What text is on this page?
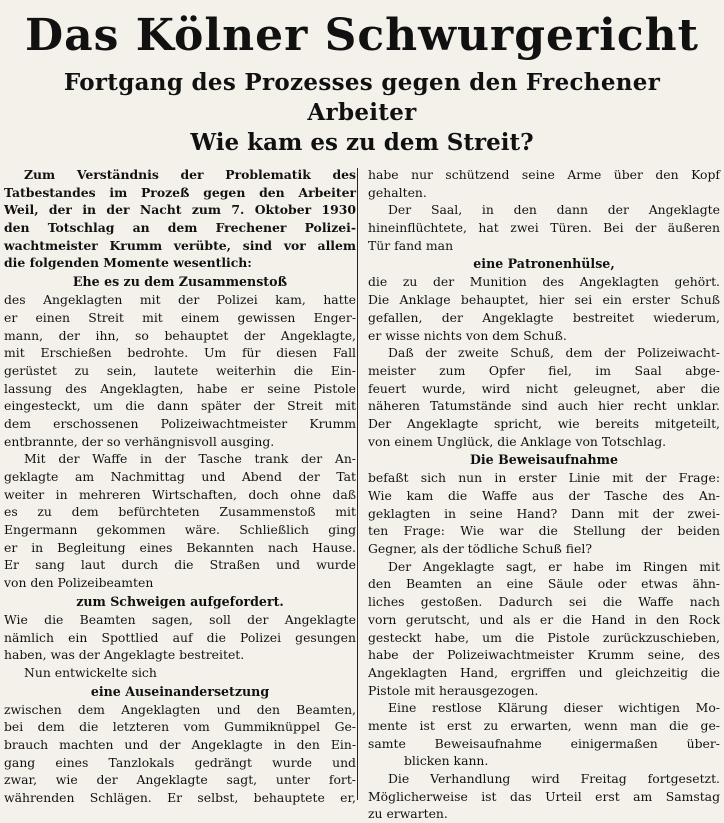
Das Kölner Schwurgericht
Fortgang des Prozesses gegen den Frechener Arbeiter
Wie kam es zu dem Streit?
Zum Verständnis der Problematik des
Tatbestandes im Prozeß gegen den Arbeiter
Weil, der in der Nacht zum 7. Oktober 1930
den Totschlag an dem Frechener Polizei-
wachtmeister Krumm verübte, sind vor allem
die folgenden Momente wesentlich:
Ehe es zu dem Zusammenstoß
des Angeklagten mit der Polizei kam, hatte
er einen Streit mit einem gewissen Enger-
mann, der ihn, so behauptet der Angeklagte,
mit Erschießen bedrohte. Um für diesen Fall
gerüstet zu sein, lautete weiterhin die Ein-
lassung des Angeklagten, habe er seine Pistole
eingesteckt, um die dann später der Streit mit
dem erschossenen Polizeiwachtmeister Krumm
entbrannte, der so verhängnisvoll ausging.
Mit der Waffe in der Tasche trank der An-
geklagte am Nachmittag und Abend der Tat
weiter in mehreren Wirtschaften, doch ohne daß
es zu dem befürchteten Zusammenstoß mit
Engermann gekommen wäre. Schließlich ging
er in Begleitung eines Bekannten nach Hause.
Er sang laut durch die Straßen und wurde
von den Polizeibeamten
zum Schweigen aufgefordert.
Wie die Beamten sagen, soll der Angeklagte
nämlich ein Spottlied auf die Polizei gesungen
haben, was der Angeklagte bestreitet.
Nun entwickelte sich
eine Auseinandersetzung
zwischen dem Angeklagten und den Beamten,
bei dem die letzteren vom Gummiknüppel Ge-
brauch machten und der Angeklagte in den Ein-
gang eines Tanzlokals gedrängt wurde und
zwar, wie der Angeklagte sagt, unter fort-
währenden Schlägen. Er selbst, behauptete er,
habe nur schützend seine Arme über den Kopf
gehalten.
Der Saal, in den dann der Angeklagte
hineinflüchtete, hat zwei Türen. Bei der äußeren
Tür fand man
eine Patronenhülse,
die zu der Munition des Angeklagten gehört.
Die Anklage behauptet, hier sei ein erster Schuß
gefallen, der Angeklagte bestreitet wiederum,
er wisse nichts von dem Schuß.
Daß der zweite Schuß, dem der Polizeiwacht-
meister zum Opfer fiel, im Saal abge-
feuert wurde, wird nicht geleugnet, aber die
näheren Tatumstände sind auch hier recht unklar.
Der Angeklagte spricht, wie bereits mitgeteilt,
von einem Unglück, die Anklage von Totschlag.
Die Beweisaufnahme
befaßt sich nun in erster Linie mit der Frage:
Wie kam die Waffe aus der Tasche des An-
geklagten in seine Hand? Dann mit der zwei-
ten Frage: Wie war die Stellung der beiden
Gegner, als der tödliche Schuß fiel?
Der Angeklagte sagt, er habe im Ringen mit
den Beamten an eine Säule oder etwas ähn-
liches gestoßen. Dadurch sei die Waffe nach
vorn gerutscht, und als er die Hand in den Rock
gesteckt habe, um die Pistole zurückzuschieben,
habe der Polizeiwachtmeister Krumm seine, des
Angeklagten Hand, ergriffen und gleichzeitig die
Pistole mit herausgezogen.
Eine restlose Klärung dieser wichtigen Mo-
mente ist erst zu erwarten, wenn man die ge-
samte Beweisaufnahme einigermaßen über-
blicken kann.
Die Verhandlung wird Freitag fortgesetzt.
Möglicherweise ist das Urteil erst am Samstag
zu erwarten.
